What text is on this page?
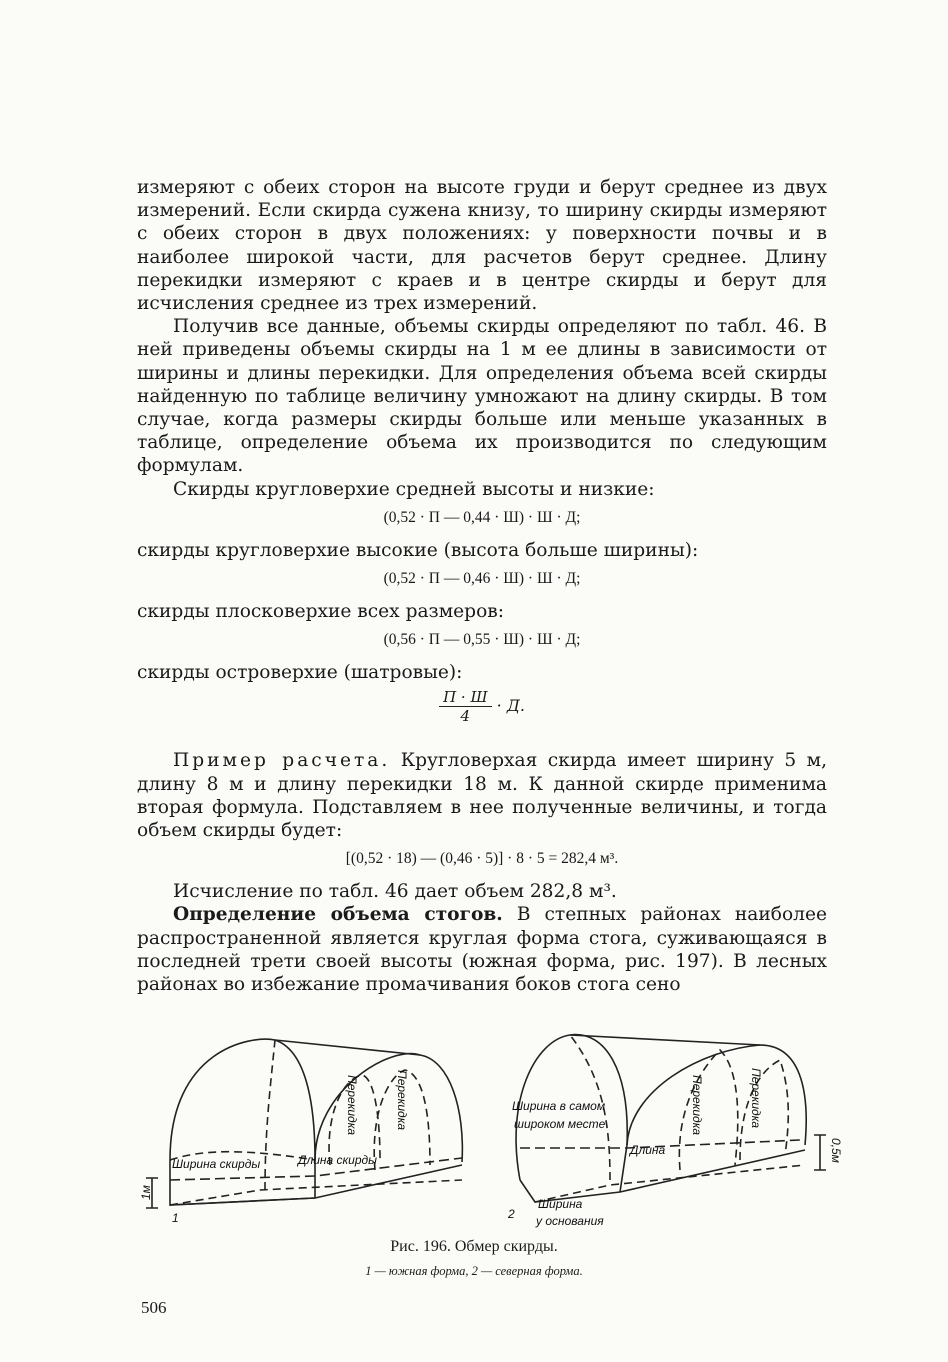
измеряют с обеих сторон на высоте груди и берут среднее из двух измерений. Если скирда сужена книзу, то ширину скирды измеряют с обеих сторон в двух положениях: у поверхности почвы и в наиболее широкой части, для расчетов берут среднее. Длину перекидки измеряют с краев и в центре скирды и берут для исчисления среднее из трех измерений.

Получив все данные, объемы скирды определяют по табл. 46. В ней приведены объемы скирды на 1 м ее длины в зависимости от ширины и длины перекидки. Для определения объема всей скирды найденную по таблице величину умножают на длину скирды. В том случае, когда размеры скирды больше или меньше указанных в таблице, определение объема их производится по следующим формулам.

Скирды кругловерхие средней высоты и низкие:

(0,52 · П — 0,44 · Ш) · Ш · Д;

скирды кругловерхие высокие (высота больше ширины):

(0,52 · П — 0,46 · Ш) · Ш · Д;

скирды плосковерхие всех размеров:

(0,56 · П — 0,55 · Ш) · Ш · Д;

скирды островерхие (шатровые):

$\frac{П \cdot Ш}{4} \cdot Д$.

Пример расчета. Кругловерхая скирда имеет ширину 5 м, длину 8 м и длину перекидки 18 м. К данной скирде применима вторая формула. Подставляем в нее полученные величины, и тогда объем скирды будет:

[(0,52 · 18) — (0,46 · 5)] · 8 · 5 = 282,4 м³.

Исчисление по табл. 46 дает объем 282,8 м³.

Определение объема стогов. В степных районах наиболее распространенной является круглая форма стога, суживающаяся в последней трети своей высоты (южная форма, рис. 197). В лесных районах во избежание промачивания боков стога сено

Ширина скирды	Длина скирды
Перекидка	Перекидка
1м
1
Ширина в самом
широком месте
Длина
Перекидка	Перекидка
0,5м
Ширина
у основания
2
Рис. 196. Обмер скирды.
1 — южная форма, 2 — северная форма.
506
